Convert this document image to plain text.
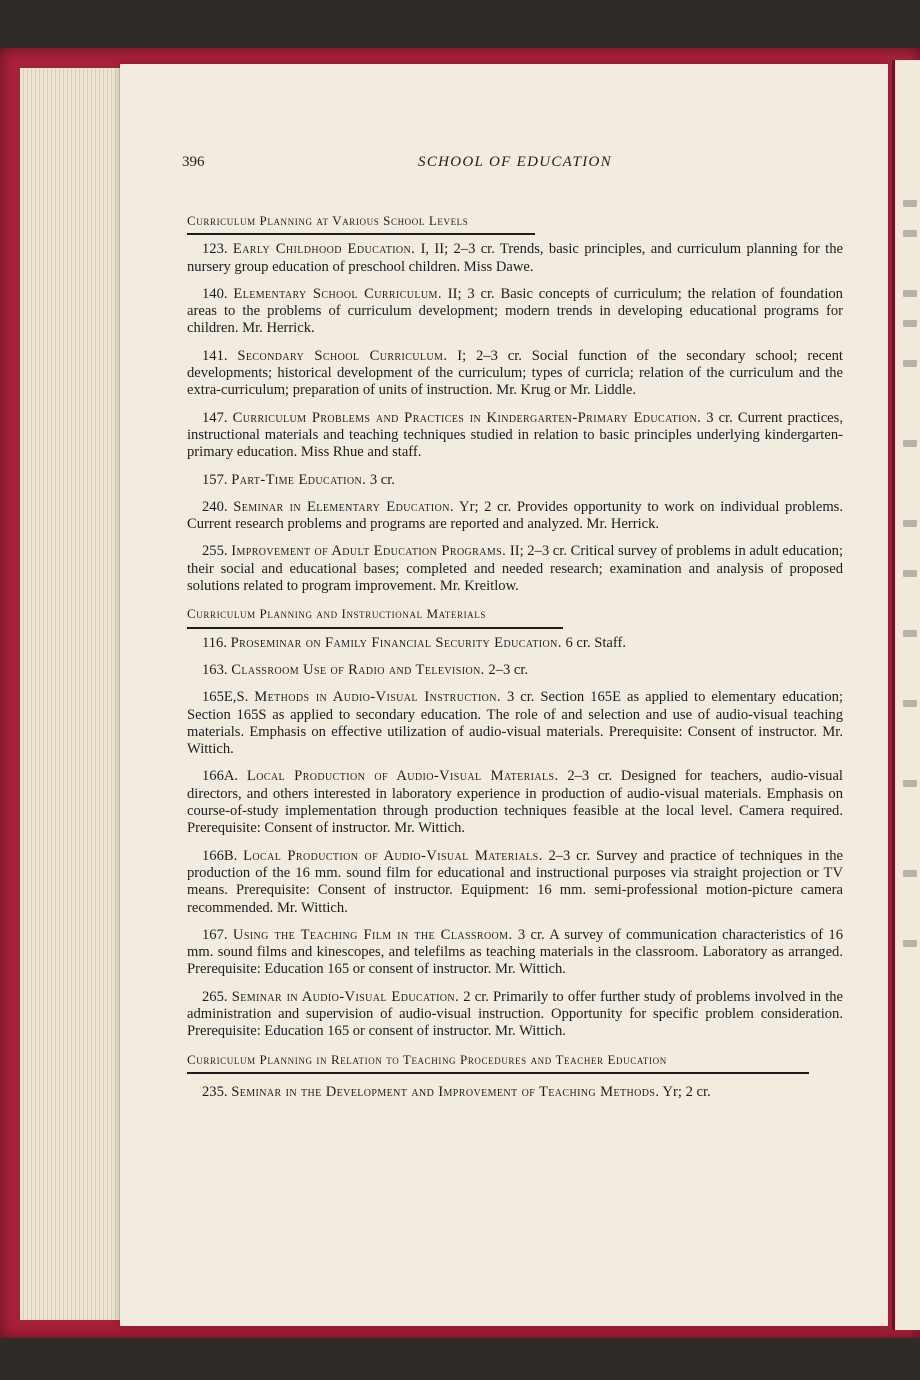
396	SCHOOL OF EDUCATION
Curriculum Planning at Various School Levels

123. Early Childhood Education. I, II; 2–3 cr. Trends, basic principles, and curriculum planning for the nursery group education of preschool children. Miss Dawe.

140. Elementary School Curriculum. II; 3 cr. Basic concepts of curriculum; the relation of foundation areas to the problems of curriculum development; modern trends in developing educational programs for children. Mr. Herrick.

141. Secondary School Curriculum. I; 2–3 cr. Social function of the secondary school; recent developments; historical development of the curriculum; types of curricla; relation of the curriculum and the extra-curriculum; preparation of units of instruction. Mr. Krug or Mr. Liddle.

147. Curriculum Problems and Practices in Kindergarten-Primary Education. 3 cr. Current practices, instructional materials and teaching techniques studied in relation to basic principles underlying kindergarten-primary education. Miss Rhue and staff.

157. Part-Time Education. 3 cr.

240. Seminar in Elementary Education. Yr; 2 cr. Provides opportunity to work on individual problems. Current research problems and programs are reported and analyzed. Mr. Herrick.

255. Improvement of Adult Education Programs. II; 2–3 cr. Critical survey of problems in adult education; their social and educational bases; completed and needed research; examination and analysis of proposed solutions related to program improvement. Mr. Kreitlow.

Curriculum Planning and Instructional Materials

116. Proseminar on Family Financial Security Education. 6 cr. Staff.

163. Classroom Use of Radio and Television. 2–3 cr.

165E,S. Methods in Audio-Visual Instruction. 3 cr. Section 165E as applied to elementary education; Section 165S as applied to secondary education. The role of and selection and use of audio-visual teaching materials. Emphasis on effective utilization of audio-visual materials. Prerequisite: Consent of instructor. Mr. Wittich.

166A. Local Production of Audio-Visual Materials. 2–3 cr. Designed for teachers, audio-visual directors, and others interested in laboratory experience in production of audio-visual materials. Emphasis on course-of-study implementation through production techniques feasible at the local level. Camera required. Prerequisite: Consent of instructor. Mr. Wittich.

166B. Local Production of Audio-Visual Materials. 2–3 cr. Survey and practice of techniques in the production of the 16 mm. sound film for educational and instructional purposes via straight projection or TV means. Prerequisite: Consent of instructor. Equipment: 16 mm. semi-professional motion-picture camera recommended. Mr. Wittich.

167. Using the Teaching Film in the Classroom. 3 cr. A survey of communication characteristics of 16 mm. sound films and kinescopes, and telefilms as teaching materials in the classroom. Laboratory as arranged. Prerequisite: Education 165 or consent of instructor. Mr. Wittich.

265. Seminar in Audio-Visual Education. 2 cr. Primarily to offer further study of problems involved in the administration and supervision of audio-visual instruction. Opportunity for specific problem consideration. Prerequisite: Education 165 or consent of instructor. Mr. Wittich.

Curriculum Planning in Relation to Teaching Procedures and Teacher Education

235. Seminar in the Development and Improvement of Teaching Methods. Yr; 2 cr.
